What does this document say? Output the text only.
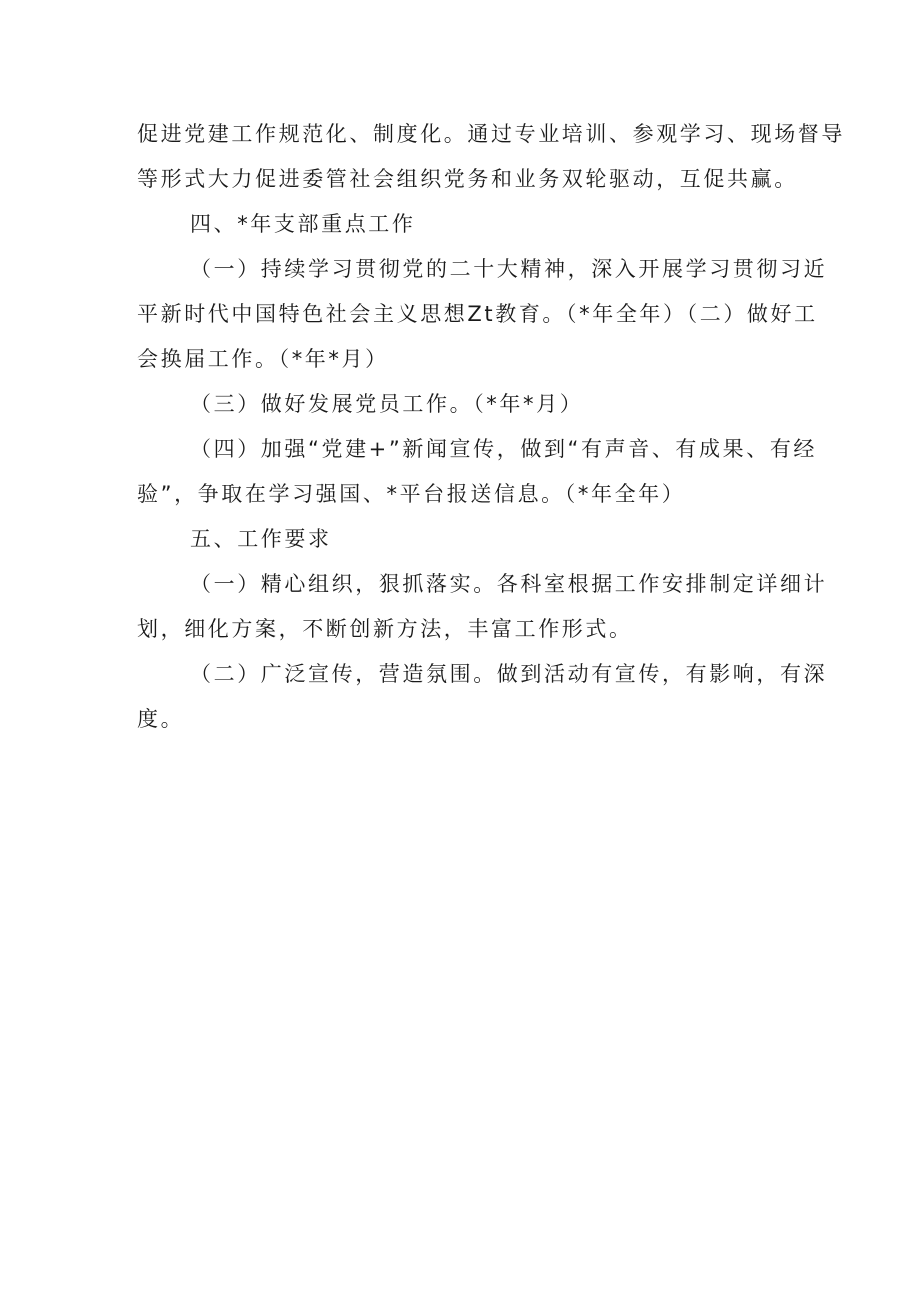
促进党建工作规范化、制度化。通过专业培训、参观学习、现场督导

等形式大力促进委管社会组织党务和业务双轮驱动，互促共赢。

四、*年支部重点工作

（一）持续学习贯彻党的二十大精神，深入开展学习贯彻习近

平新时代中国特色社会主义思想Zt教育。（*年全年）（二）做好工

会换届工作。（*年*月）

（三）做好发展党员工作。（*年*月）

（四）加强“党建+”新闻宣传，做到“有声音、有成果、有经

验”，争取在学习强国、*平台报送信息。（*年全年）

五、工作要求

（一）精心组织，狠抓落实。各科室根据工作安排制定详细计

划，细化方案，不断创新方法，丰富工作形式。

（二）广泛宣传，营造氛围。做到活动有宣传，有影响，有深

度。
